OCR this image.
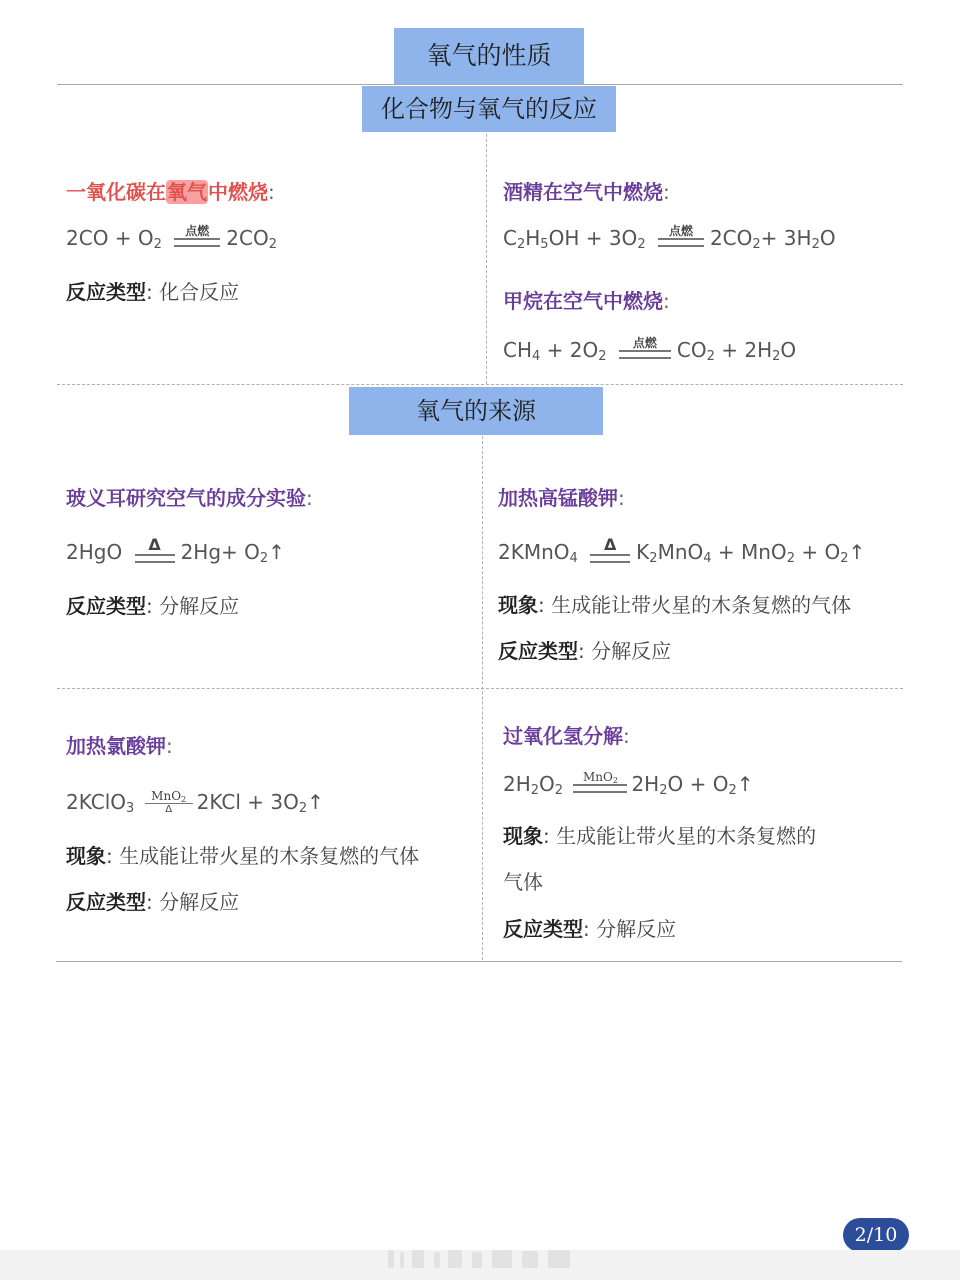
氧气的性质
化合物与氧气的反应
一氧化碳在氧气中燃烧:
$2CO + O_2$
点燃 $2CO_2$
反应类型: 化合反应
酒精在空气中燃烧:
$C_2H_5OH + 3O_2$
点燃 $2CO_2+ 3H_2O$
甲烷在空气中燃烧:
$CH_4 + 2O_2$
点燃	$CO_2 + 2H_2O$
氧气的来源
玻义耳研究空气的成分实验:
2HgO	Δ $2Hg+ O_2↑$
反应类型: 分解反应
加热高锰酸钾:
2KMnO$_4$
Δ $K_2MnO_4 + MnO_2$ + $O_2↑$
现象: 生成能让带火星的木条复燃的气体
反应类型: 分解反应
加热氯酸钾:
2KClO$_3$
MnO$_2$
Δ	$2KCl + 3O_2↑$
现象: 生成能让带火星的木条复燃的气体
反应类型: 分解反应
过氧化氢分解:
$2H_2O_2$
MnO$_2$ $2H_2O$ + $O_2↑$
现象: 生成能让带火星的木条复燃的
气体
反应类型: 分解反应
2/10
